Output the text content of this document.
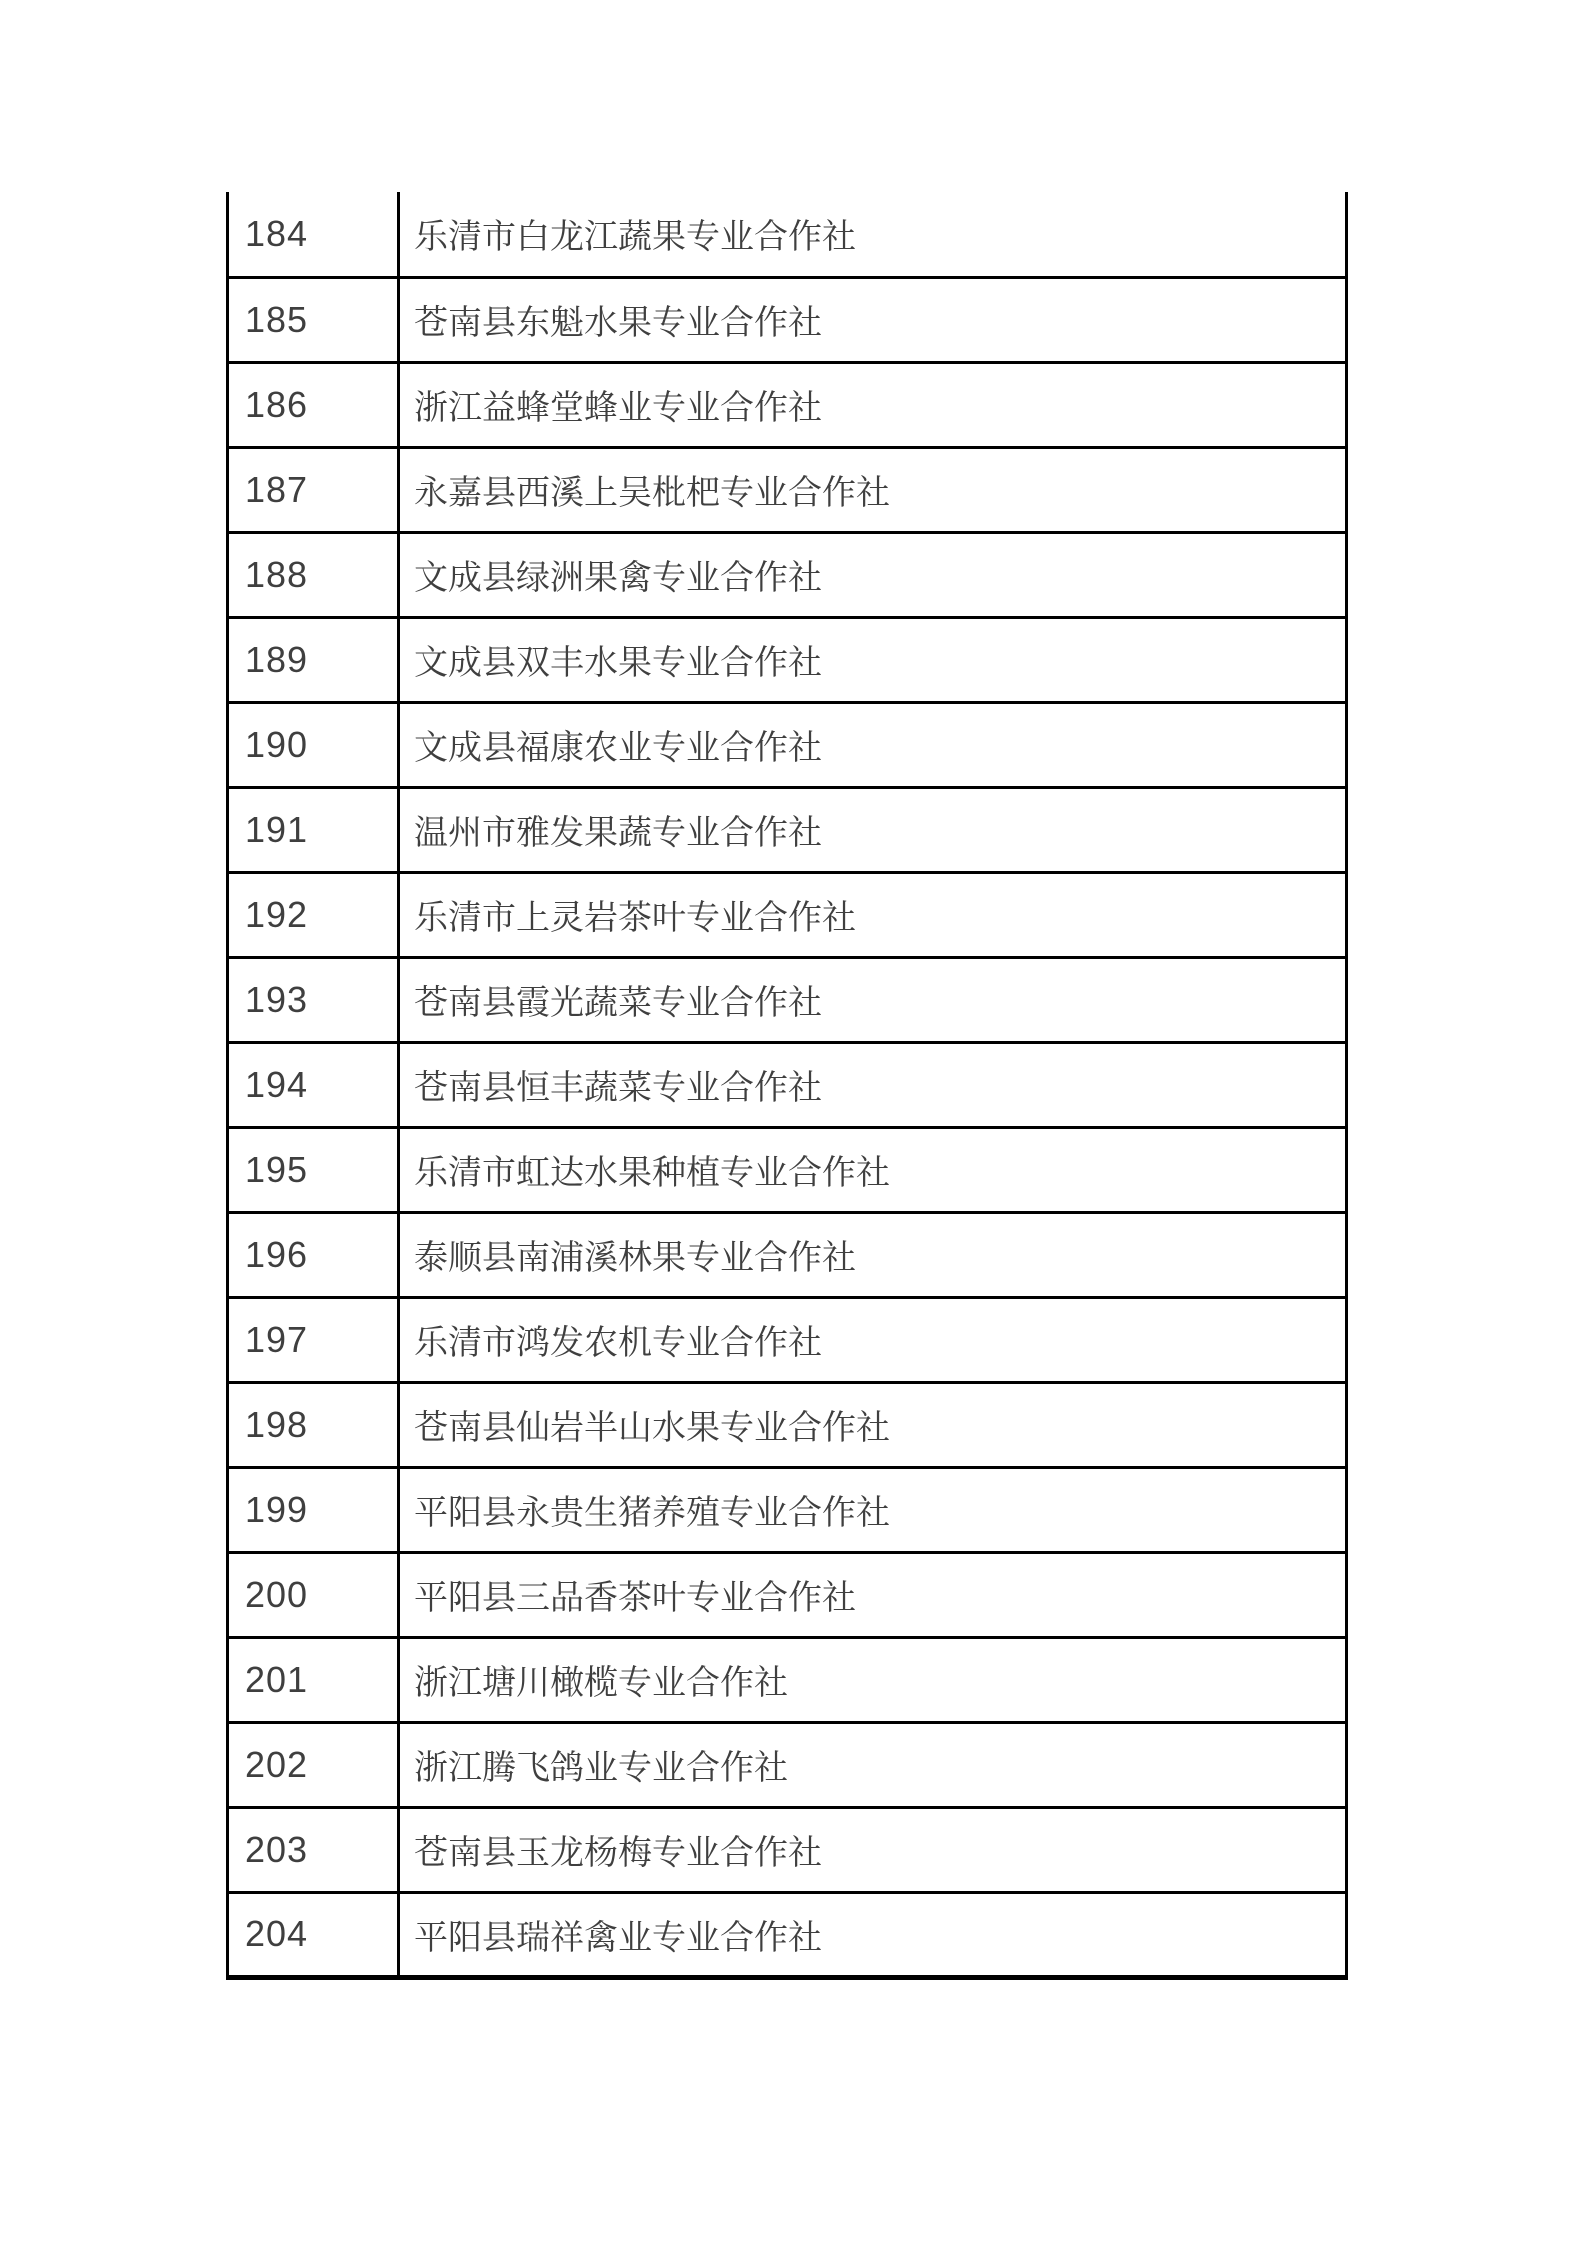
184	乐清市白龙江蔬果专业合作社
185	苍南县东魁水果专业合作社
186	浙江益蜂堂蜂业专业合作社
187	永嘉县西溪上吴枇杷专业合作社
188	文成县绿洲果禽专业合作社
189	文成县双丰水果专业合作社
190	文成县福康农业专业合作社
191	温州市雅发果蔬专业合作社
192	乐清市上灵岩茶叶专业合作社
193	苍南县霞光蔬菜专业合作社
194	苍南县恒丰蔬菜专业合作社
195	乐清市虹达水果种植专业合作社
196	泰顺县南浦溪林果专业合作社
197	乐清市鸿发农机专业合作社
198	苍南县仙岩半山水果专业合作社
199	平阳县永贵生猪养殖专业合作社
200	平阳县三品香茶叶专业合作社
201	浙江塘川橄榄专业合作社
202	浙江腾飞鸽业专业合作社
203	苍南县玉龙杨梅专业合作社
204	平阳县瑞祥禽业专业合作社
